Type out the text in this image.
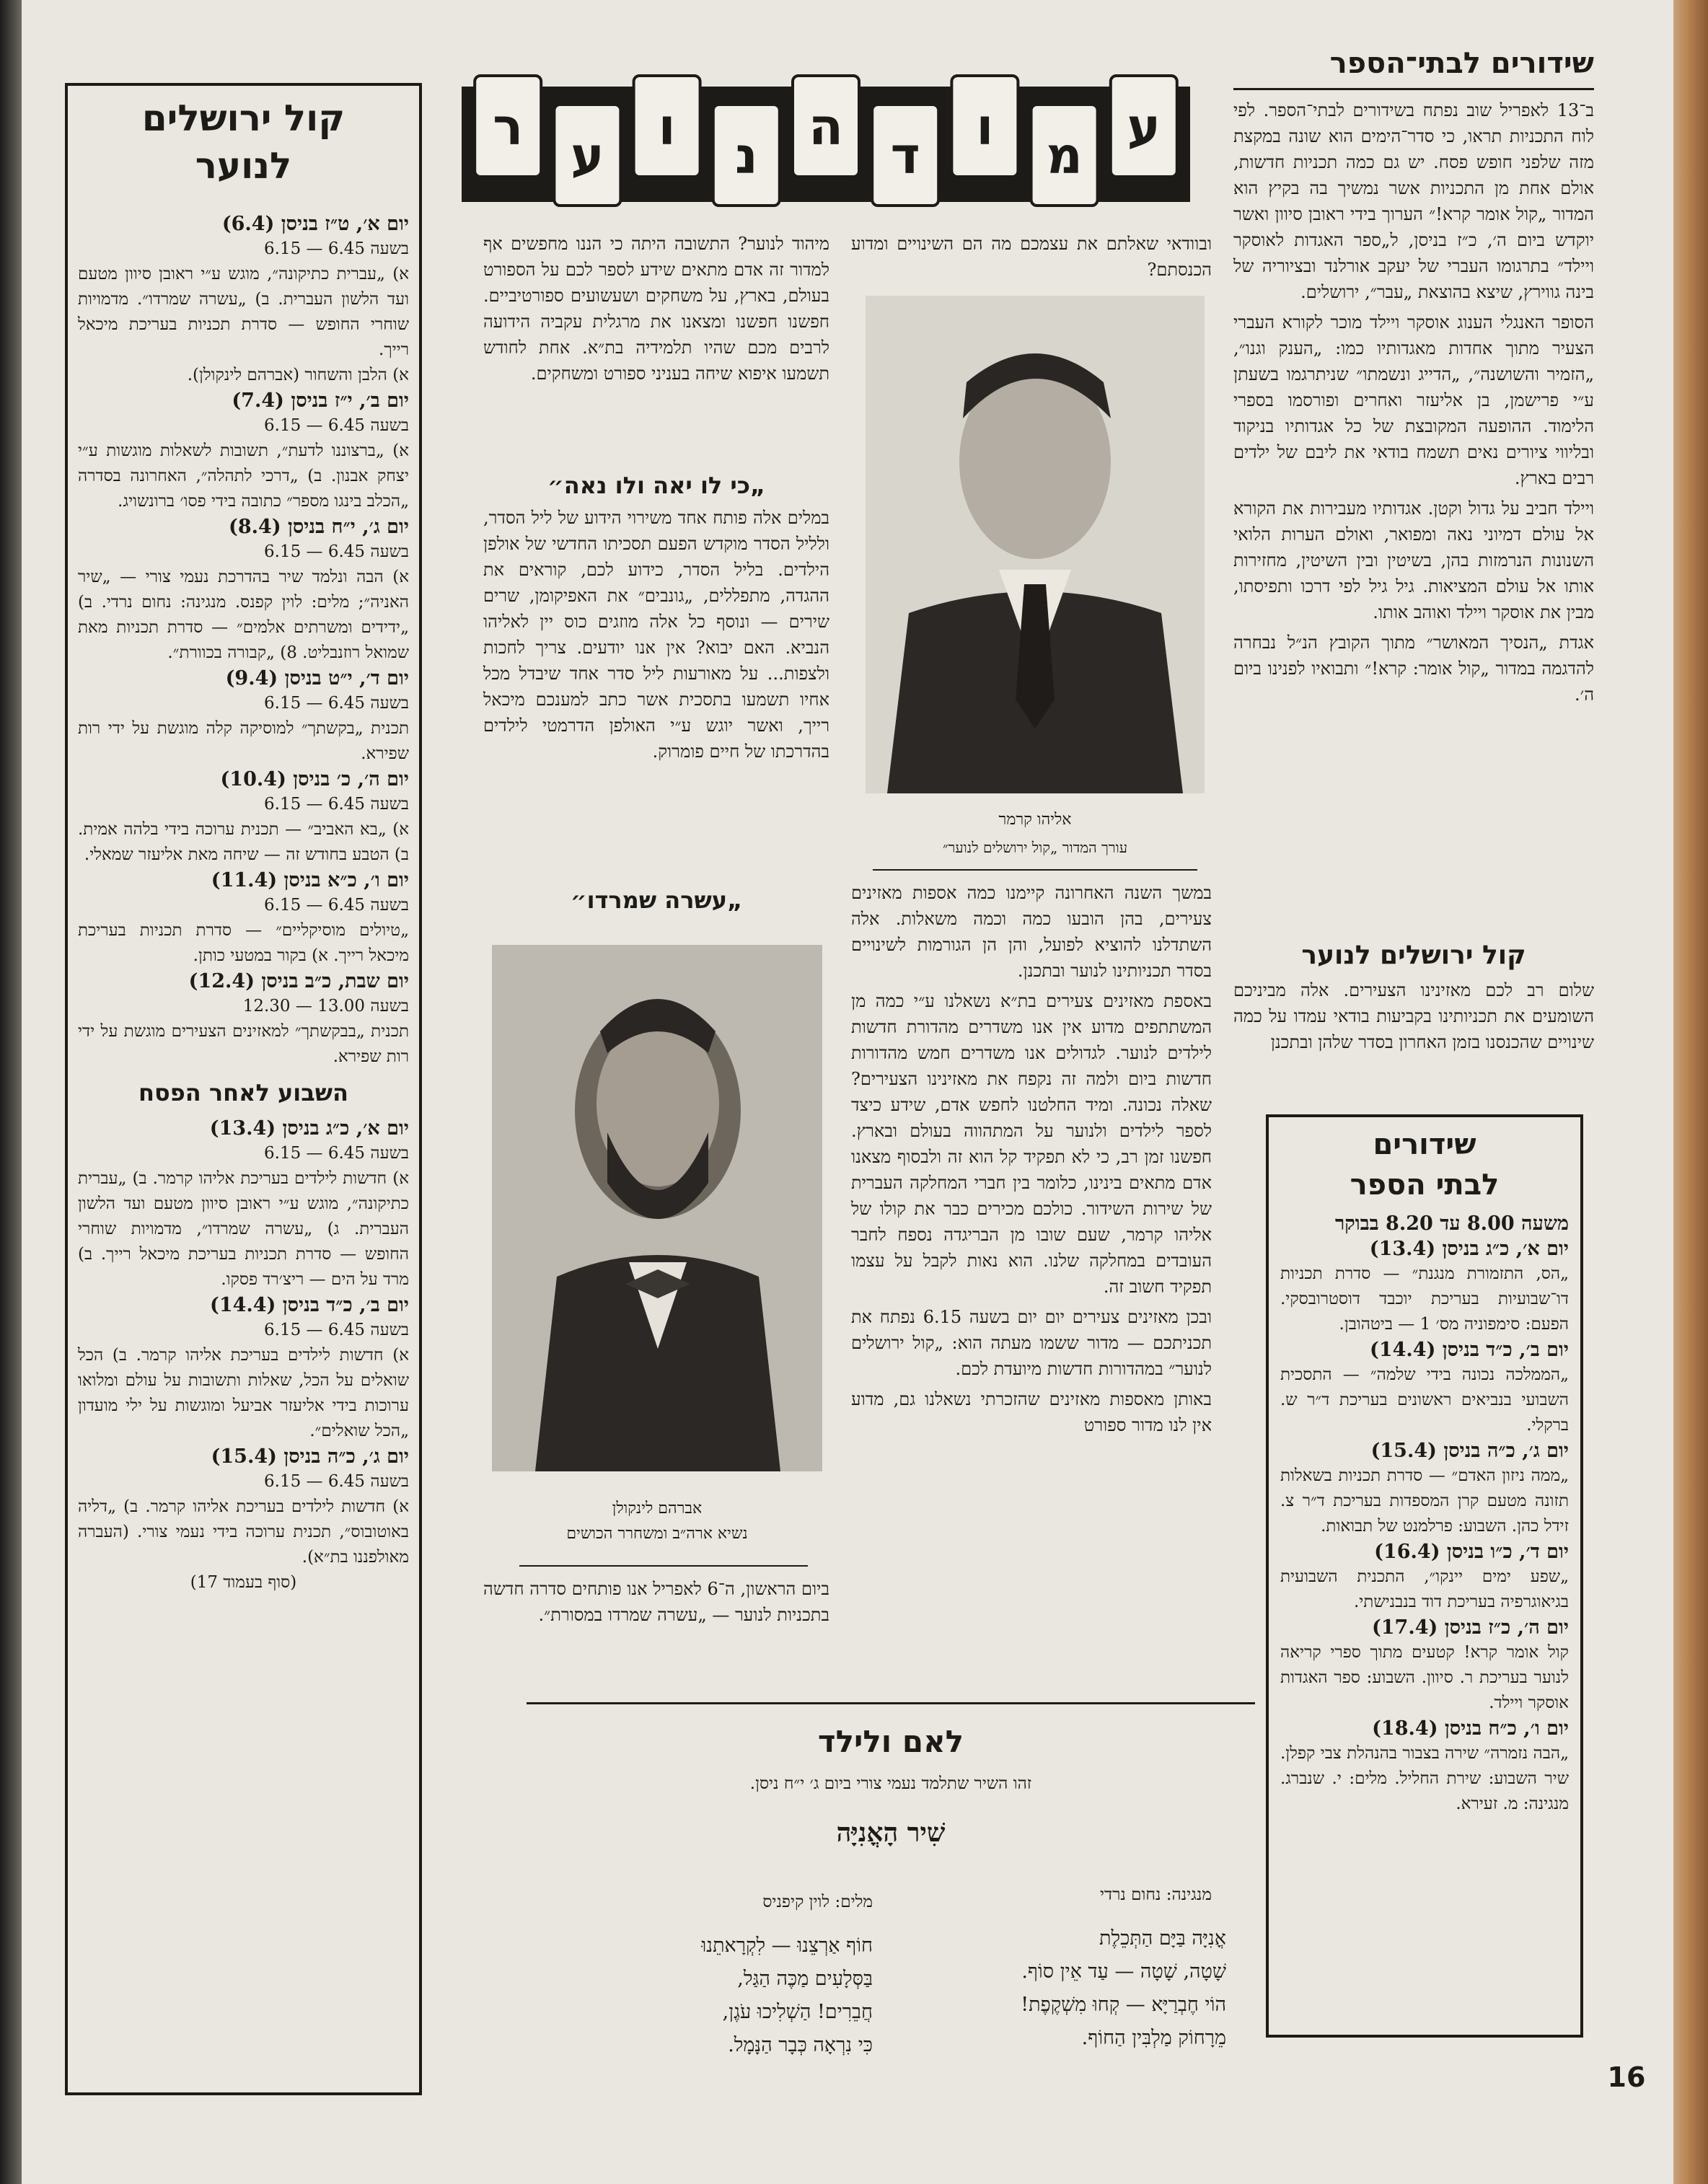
קול ירושלים
לנוער

יום א׳, ט״ז בניסן (6.4)

בשעה 6.45 — 6.15

א) „עברית כתיקונה״, מוגש ע״י ראובן סיוון מטעם ועד הלשון העברית. ב) „עשרה שמרדו״. מדמויות שוחרי החופש — סדרת תכניות בעריכת מיכאל רייך.

א) הלבן והשחור (אברהם לינקולן).

יום ב׳, י״ז בניסן (7.4)

בשעה 6.45 — 6.15

א) „ברצוננו לדעת״, תשובות לשאלות מוגשות ע״י יצחק אבנון. ב) „דרכי לתהלה״, האחרונה בסדרה „הכלב בינגו מספר״ כתובה בידי פסו׳ ברונשויג.

יום ג׳, י״ח בניסן (8.4)

בשעה 6.45 — 6.15

א) הבה ונלמד שיר בהדרכת נעמי צורי — „שיר האניה״; מלים: לוין קפנס. מנגינה: נחום נרדי. ב) „ידידים ומשרתים אלמים״ — סדרת תכניות מאת שמואל רוזנבליט. 8) „קבורה בכוורת״.

יום ד׳, י״ט בניסן (9.4)

בשעה 6.45 — 6.15

תכנית „בקשתך״ למוסיקה קלה מוגשת על ידי רות שפירא.

יום ה׳, כ׳ בניסן (10.4)

בשעה 6.45 — 6.15

א) „בא האביב״ — תכנית ערוכה בידי בלהה אמית. ב) הטבע בחודש זה — שיחה מאת אליעזר שמאלי.

יום ו׳, כ״א בניסן (11.4)

בשעה 6.45 — 6.15

„טיולים מוסיקליים״ — סדרת תכניות בעריכת מיכאל רייך. א) בקור במטעי כותן.

יום שבת, כ״ב בניסן (12.4)

בשעה 13.00 — 12.30

תכנית „בבקשתך״ למאזינים הצעירים מוגשת על ידי רות שפירא.

השבוע לאחר הפסח

יום א׳, כ״ג בניסן (13.4)

בשעה 6.45 — 6.15

א) חדשות לילדים בעריכת אליהו קרמר. ב) „עברית כתיקונה״, מוגש ע״י ראובן סיוון מטעם ועד הלשון העברית. ג) „עשרה שמרדו״, מדמויות שוחרי החופש — סדרת תכניות בעריכת מיכאל רייך. ב) מרד על הים — ריצ׳רד פסקו.

יום ב׳, כ״ד בניסן (14.4)

בשעה 6.45 — 6.15

א) חדשות לילדים בעריכת אליהו קרמר. ב) הכל שואלים על הכל, שאלות ותשובות על עולם ומלואו ערוכות בידי אליעזר אביעל ומוגשות על ילי מועדון „הכל שואלים״.

יום ג׳, כ״ה בניסן (15.4)

בשעה 6.45 — 6.15

א) חדשות לילדים בעריכת אליהו קרמר. ב) „דליה באוטובוס״, תכנית ערוכה בידי נעמי צורי. (העברה מאולפננו בת״א).

(סוף בעמוד 17)

ע
מ
ו
ד
ה
נ
ו
ע
ר
מיהוד לנוער? התשובה היתה כי הננו מחפשים אף למדור זה אדם מתאים שידע לספר לכם על הספורט בעולם, בארץ, על משחקים ושעשועים ספורטיביים. חפשנו חפשנו ומצאנו את מרגלית עקביה הידועה לרבים מכם שהיו תלמידיה בת״א. אחת לחודש תשמעו איפוא שיחה בעניני ספורט ומשחקים.
„כי לו יאה ולו נאה״
במלים אלה פותח אחד משירוי הידוע של ליל הסדר, ולליל הסדר מוקדש הפעם תסכיתו החדשי של אולפן הילדים. בליל הסדר, כידוע לכם, קוראים את ההגדה, מתפללים, „גונבים״ את האפיקומן, שרים שירים — ונוסף כל אלה מוזגים כוס יין לאליהו הנביא. האם יבוא? אין אנו יודעים. צריך לחכות ולצפות... על מאורעות ליל סדר אחד שיבדל מכל אחיו תשמעו בתסכית אשר כתב למענכם מיכאל רייך, ואשר יוגש ע״י האולפן הדרמטי לילדים בהדרכתו של חיים פומרוק.
„עשרה שמרדו״
אברהם לינקולן
נשיא ארה״ב ומשחרר הכושים
ביום הראשון, ה־6 לאפריל אנו פותחים סדרה חדשה בתכניות לנוער — „עשרה שמרדו במסורת״.
ובוודאי שאלתם את עצמכם מה הם השינויים ומדוע הכנסתם?
אליהו קרמר
עורך המדור „קול ירושלים לנוער״

במשך השנה האחרונה קיימנו כמה אספות מאזינים צעירים, בהן הובעו כמה וכמה משאלות. אלה השתדלנו להוציא לפועל, והן הן הגורמות לשינויים בסדר תכניותינו לנוער ובתכנן.

באספת מאזינים צעירים בת״א נשאלנו ע״י כמה מן המשתתפים מדוע אין אנו משדרים מהדורת חדשות לילדים לנוער. לגדולים אנו משדרים חמש מהדורות חדשות ביום ולמה זה נקפח את מאזינינו הצעירים? שאלה נכונה. ומיד החלטנו לחפש אדם, שידע כיצד לספר לילדים ולנוער על המתהווה בעולם ובארץ. חפשנו זמן רב, כי לא תפקיד קל הוא זה ולבסוף מצאנו אדם מתאים בינינו, כלומר בין חברי המחלקה העברית של שירות השידור. כולכם מכירים כבר את קולו של אליהו קרמר, שעם שובו מן הבריגדה נספח לחבר העובדים במחלקה שלנו. הוא נאות לקבל על עצמו תפקיד חשוב זה.

ובכן מאזינים צעירים יום יום בשעה 6.15 נפתח את תכניתכם — מדור ששמו מעתה הוא: „קול ירושלים לנוער״ במהדורות חדשות מיועדת לכם.

באותן מאספות מאזינים שהזכרתי נשאלנו גם, מדוע אין לנו מדור ספורט

שידורים לבתי־הספר

ב־13 לאפריל שוב נפתח בשידורים לבתי־הספר. לפי לוח התכניות תראו, כי סדר־הימים הוא שונה במקצת מזה שלפני חופש פסח. יש גם כמה תכניות חדשות, אולם אחת מן התכניות אשר נמשיך בה בקיץ הוא המדור „קול אומר קרא!״ הערוך בידי ראובן סיוון ואשר יוקדש ביום ה׳, כ״ז בניסן, ל„ספר האגדות לאוסקר ויילד״ בתרגומו העברי של יעקב אורלנד ובציוריה של בינה גווירץ, שיצא בהוצאת „עבר״, ירושלים.

הסופר האנגלי הענוג אוסקר ויילד מוכר לקורא העברי הצעיר מתוך אחדות מאגדותיו כמו: „הענק וגנו״, „הזמיר והשושנה״, „הדייג ונשמתו״ שניתרגמו בשעתן ע״י פרישמן, בן אליעזר ואחרים ופורסמו בספרי הלימוד. ההופעה המקובצת של כל אגדותיו בניקוד ובליווי ציורים נאים תשמח בודאי את ליבם של ילדים רבים בארץ.

ויילד חביב על גדול וקטן. אגדותיו מעבירות את הקורא אל עולם דמיוני נאה ומפואר, ואולם הערות הלואי השנונות הנרמזות בהן, בשיטין ובין השיטין, מחזירות אותו אל עולם המציאות. גיל גיל לפי דרכו ותפיסתו, מבין את אוסקר ויילד ואוהב אותו.

אגדת „הנסיך המאושר״ מתוך הקובץ הנ״ל נבחרה להדגמה במדור „קול אומר: קרא!״ ותבואיו לפנינו ביום ה׳.

קול ירושלים לנוער
שלום רב לכם מאזינינו הצעירים. אלה מביניכם השומעים את תכניותינו בקביעות בודאי עמדו על כמה שינויים שהכנסנו בזמן האחרון בסדר שלהן ובתכנן
שידורים
לבתי הספר

משעה 8.00 עד 8.20 בבוקר

יום א׳, כ״ג בניסן (13.4)

„הס, התזמורת מנגנת״ — סדרת תכניות דו־שבועיות בעריכת יוכבד דוסטרובסקי. הפעם: סימפוניה מס׳ 1 — ביטהובן.

יום ב׳, כ״ד בניסן (14.4)

„הממלכה נכונה בידי שלמה״ — התסכית השבועי בנביאים ראשונים בעריכת ד״ר ש. ברקלי.

יום ג׳, כ״ה בניסן (15.4)

„ממה ניזון האדם״ — סדרת תכניות בשאלות תזונה מטעם קרן המספדות בעריכת ד״ר צ. זידל כהן. השבוע: פרלמנט של תבואות.

יום ד׳, כ״ו בניסן (16.4)

„שפע ימים יינקו״, התכנית השבועית בגיאוגרפיה בעריכת דוד בנבנישתי.

יום ה׳, כ״ז בניסן (17.4)

קול אומר קרא! קטעים מתוך ספרי קריאה לנוער בעריכת ר. סיוון. השבוע: ספר האגדות אוסקר ויילד.

יום ו׳, כ״ח בניסן (18.4)

„הבה נזמרה״ שירה בצבור בהנהלת צבי קפלן. שיר השבוע: שירת החליל. מלים: י. שנברג. מנגינה: מ. זעירא.

לאם ולילד
זהו השיר שתלמד נעמי צורי ביום ג׳ י״ח ניסן.
שִׁיר הָאֳנִיָּה
מנגינה: נחום נרדי
מלים: לוין קיפניס
אֳנִיָּה בַּיָּם הַתְּכֵלֶת
שָׁטָה, שָׁטָה — עַד אֵין סוֹף.
הוֹי חֶבְרַיָּא — קְחוּ מִשְׁקֶפֶת!
מֵרָחוֹק מַלְבִּין הַחוֹף.
חוֹף אַרְצֵנוּ — לִקְרָאתֵנוּ
בַּסְּלָעִים מַכֶּה הַגַּל,
חֲבֵרִים! הַשְׁלִיכוּ עֹגֶן,
כִּי נִרְאָה כְּבָר הַנָּמָל.
16
